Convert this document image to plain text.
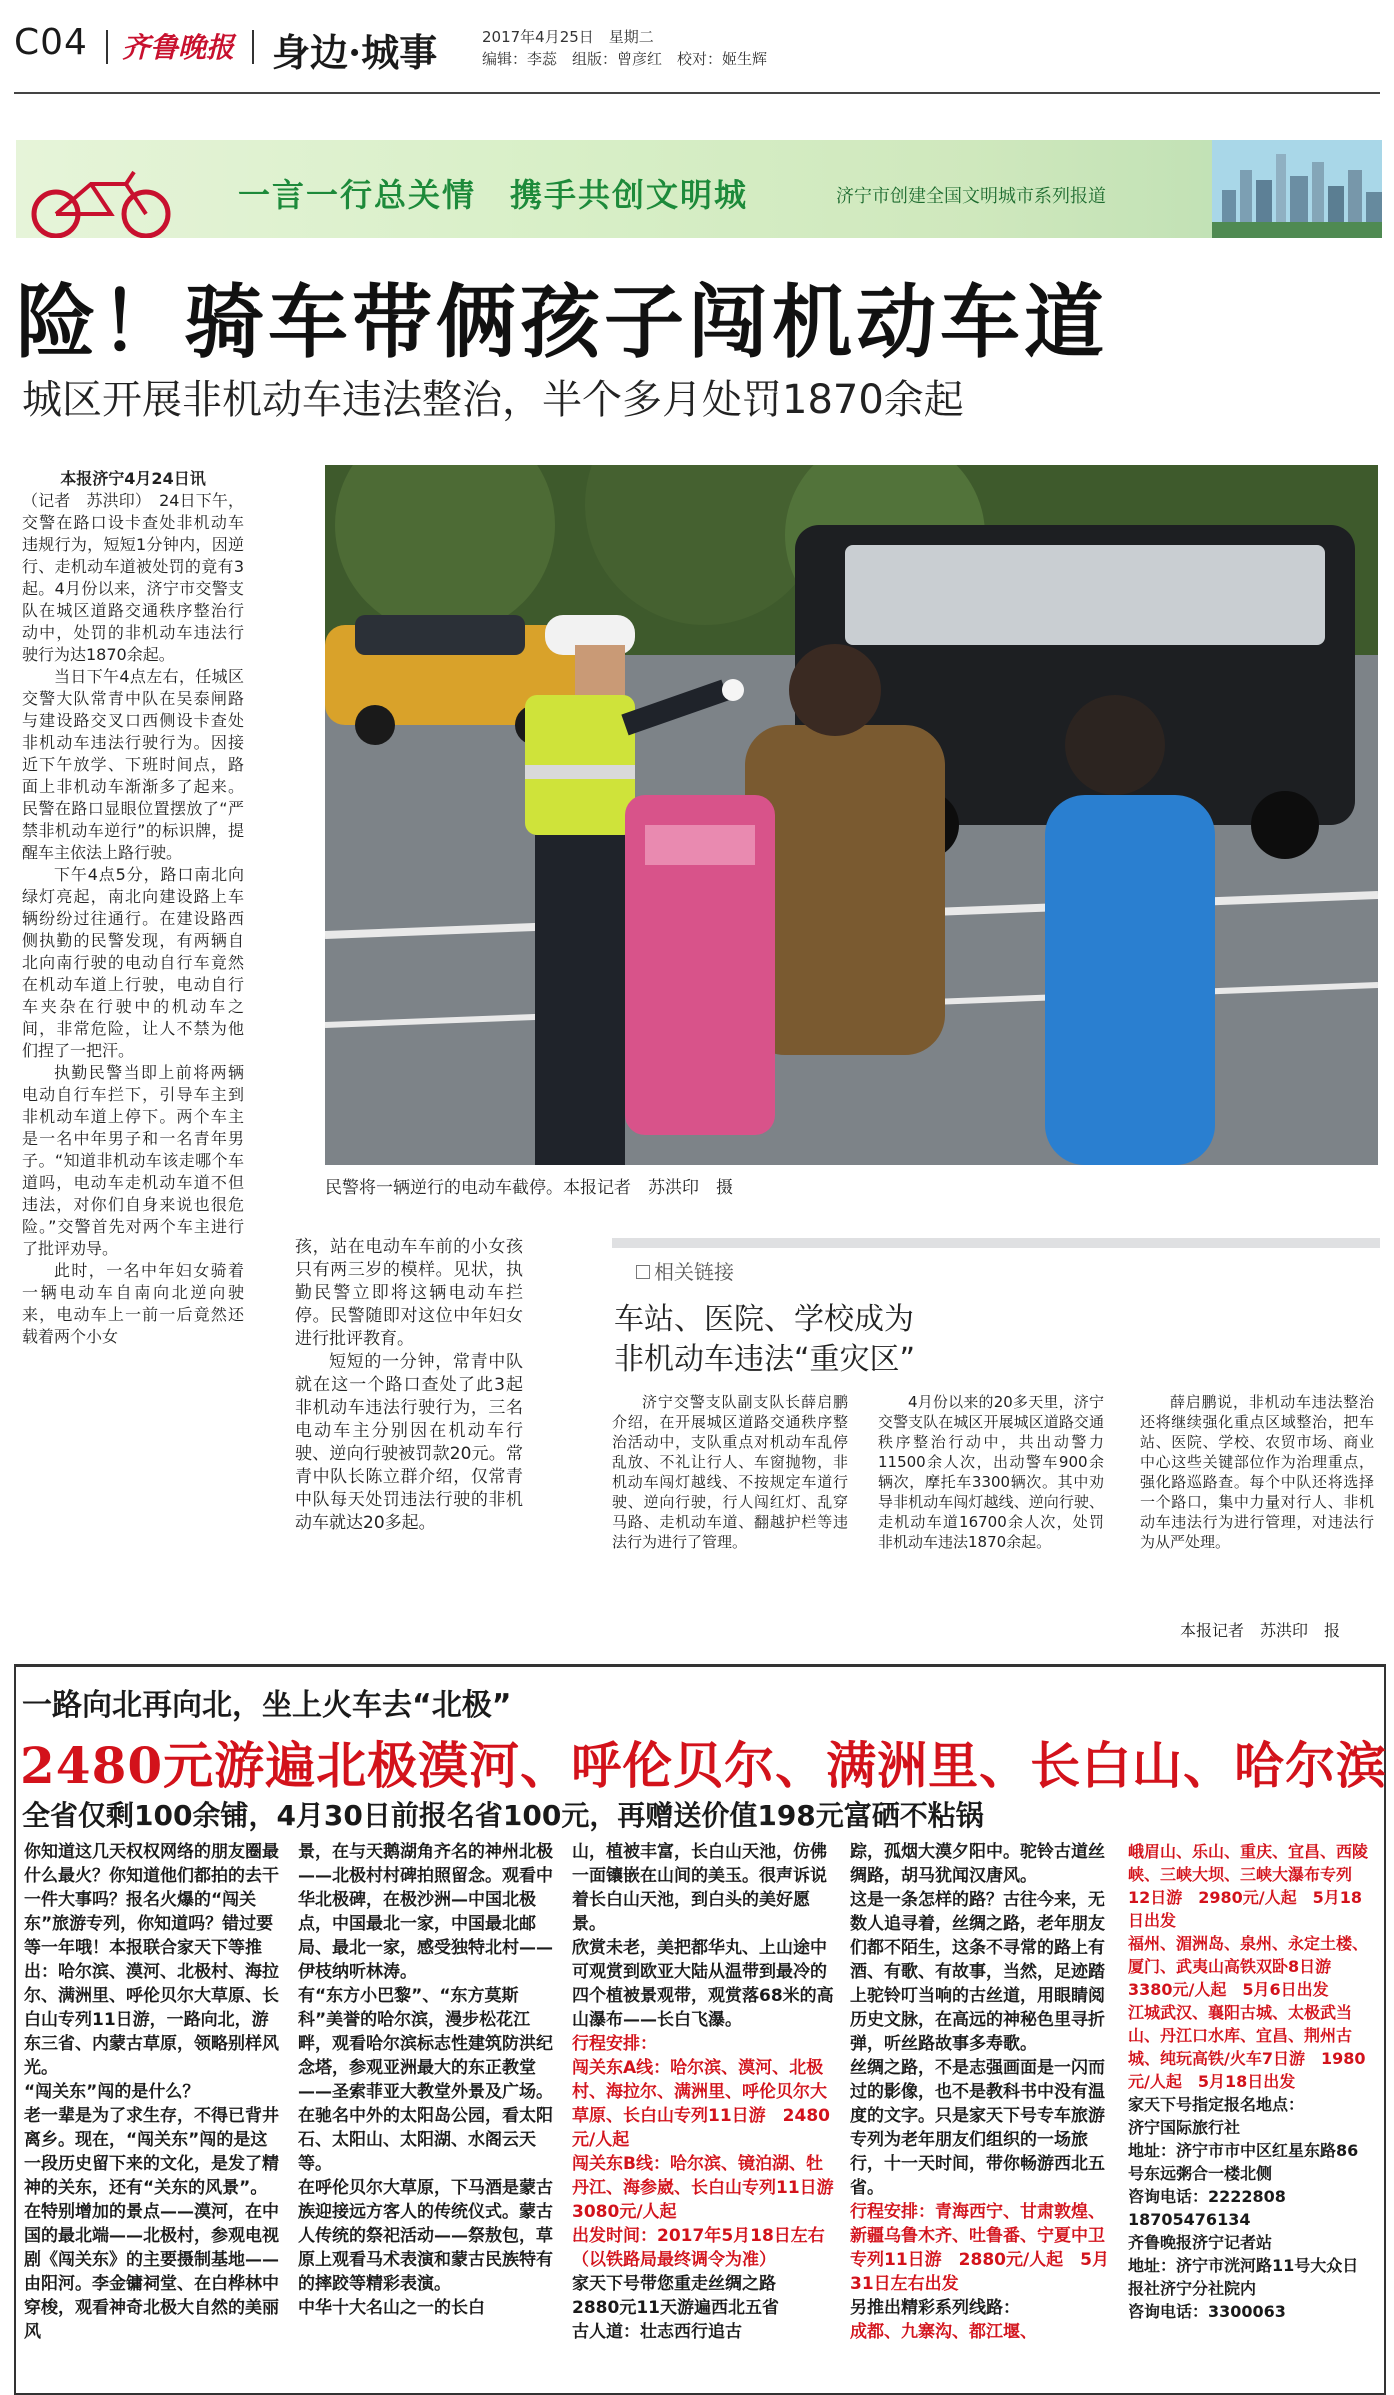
C04 齐鲁晚报 身边·城事	2017年4月25日　星期二
编辑：李蕊　组版：曾彦红　校对：姬生辉
一言一行总关情　携手共创文明城	济宁市创建全国文明城市系列报道
险！骑车带俩孩子闯机动车道
城区开展非机动车违法整治，半个多月处罚1870余起

本报济宁4月24日讯

（记者　苏洪印）　24日下午，交警在路口设卡查处非机动车违规行为，短短1分钟内，因逆行、走机动车道被处罚的竟有3起。4月份以来，济宁市交警支队在城区道路交通秩序整治行动中，处罚的非机动车违法行驶行为达1870余起。

当日下午4点左右，任城区交警大队常青中队在吴泰闸路与建设路交叉口西侧设卡查处非机动车违法行驶行为。因接近下午放学、下班时间点，路面上非机动车渐渐多了起来。民警在路口显眼位置摆放了“严禁非机动车逆行”的标识牌，提醒车主依法上路行驶。

下午4点5分，路口南北向绿灯亮起，南北向建设路上车辆纷纷过往通行。在建设路西侧执勤的民警发现，有两辆自北向南行驶的电动自行车竟然在机动车道上行驶，电动自行车夹杂在行驶中的机动车之间，非常危险，让人不禁为他们捏了一把汗。

执勤民警当即上前将两辆电动自行车拦下，引导车主到非机动车道上停下。两个车主是一名中年男子和一名青年男子。“知道非机动车该走哪个车道吗，电动车走机动车道不但违法，对你们自身来说也很危险。”交警首先对两个车主进行了批评劝导。

此时，一名中年妇女骑着一辆电动车自南向北逆向驶来，电动车上一前一后竟然还载着两个小女

民警将一辆逆行的电动车截停。本报记者　苏洪印　摄

孩，站在电动车车前的小女孩只有两三岁的模样。见状，执勤民警立即将这辆电动车拦停。民警随即对这位中年妇女进行批评教育。

短短的一分钟，常青中队就在这一个路口查处了此3起非机动车违法行驶行为，三名电动车主分别因在机动车行驶、逆向行驶被罚款20元。常青中队长陈立群介绍，仅常青中队每天处罚违法行驶的非机动车就达20多起。

相关链接
车站、医院、学校成为
非机动车违法“重灾区”
济宁交警支队副支队长薛启鹏介绍，在开展城区道路交通秩序整治活动中，支队重点对机动车乱停乱放、不礼让行人、车窗抛物，非机动车闯灯越线、不按规定车道行驶、逆向行驶，行人闯红灯、乱穿马路、走机动车道、翻越护栏等违法行为进行了管理。
4月份以来的20多天里，济宁交警支队在城区开展城区道路交通秩序整治行动中，共出动警力11500余人次，出动警车900余辆次，摩托车3300辆次。其中劝导非机动车闯灯越线、逆向行驶、走机动车道16700余人次，处罚非机动车违法1870余起。
薛启鹏说，非机动车违法整治还将继续强化重点区域整治，把车站、医院、学校、农贸市场、商业中心这些关键部位作为治理重点，强化路巡路查。每个中队还将选择一个路口，集中力量对行人、非机动车违法行为进行管理，对违法行为从严处理。
本报记者　苏洪印　报
一路向北再向北，坐上火车去“北极”
2480元游遍北极漠河、呼伦贝尔、满洲里、长白山、哈尔滨
全省仅剩100余铺，4月30日前报名省100元，再赠送价值198元富硒不粘锅

你知道这几天权权网络的朋友圈最什么最火？你知道他们都拍的去干一件大事吗？报名火爆的“闯关东”旅游专列，你知道吗？错过要等一年哦！本报联合家天下等推出：哈尔滨、漠河、北极村、海拉尔、满洲里、呼伦贝尔大草原、长白山专列11日游，一路向北，游东三省、内蒙古草原，领略别样风光。

“闯关东”闯的是什么？

老一辈是为了求生存，不得已背井离乡。现在，“闯关东”闯的是这一段历史留下来的文化，是发了精神的关东，还有“关东的风景”。

在特别增加的景点——漠河，在中国的最北端——北极村，参观电视剧《闯关东》的主要摄制基地——由阳河。李金镛祠堂、在白桦林中穿梭，观看神奇北极大自然的美丽风

景，在与天鹅湖角齐名的神州北极——北极村村碑拍照留念。观看中华北极碑，在极沙洲—中国北极点，中国最北一家，中国最北邮局、最北一家，感受独特北村——伊枝纳听林涛。

有“东方小巴黎”、“东方莫斯科”美誉的哈尔滨，漫步松花江畔，观看哈尔滨标志性建筑防洪纪念塔，参观亚洲最大的东正教堂——圣索菲亚大教堂外景及广场。在驰名中外的太阳岛公园，看太阳石、太阳山、太阳湖、水阁云天等。

在呼伦贝尔大草原，下马酒是蒙古族迎接远方客人的传统仪式。蒙古人传统的祭祀活动——祭敖包，草原上观看马术表演和蒙古民族特有的摔跤等精彩表演。

中华十大名山之一的长白

山，植被丰富，长白山天池，仿佛一面镶嵌在山间的美玉。很声诉说着长白山天池，到白头的美好愿景。

欣赏未老，美把都华丸、上山途中可观赏到欧亚大陆从温带到最冷的四个植被景观带，观赏落68米的高山瀑布——长白飞瀑。

行程安排：

闯关东A线：哈尔滨、漠河、北极村、海拉尔、满洲里、呼伦贝尔大草原、长白山专列11日游　2480元/人起

闯关东B线：哈尔滨、镜泊湖、牡丹江、海参崴、长白山专列11日游　3080元/人起

出发时间：2017年5月18日左右（以铁路局最终调令为准）

家天下号带您重走丝绸之路

2880元11天游遍西北五省

古人道：壮志西行追古

踪，孤烟大漠夕阳中。驼铃古道丝绸路，胡马犹闻汉唐风。

这是一条怎样的路？古往今来，无数人追寻着，丝绸之路，老年朋友们都不陌生，这条不寻常的路上有酒、有歌、有故事，当然，足迹踏上驼铃叮当响的古丝道，用眼睛阅历史文脉，在高远的神秘色里寻折弹，听丝路故事多寿歌。

丝绸之路，不是志强画面是一闪而过的影像，也不是教科书中没有温度的文字。只是家天下号专车旅游专列为老年朋友们组织的一场旅行，十一天时间，带你畅游西北五省。

行程安排：青海西宁、甘肃敦煌、新疆乌鲁木齐、吐鲁番、宁夏中卫专列11日游　2880元/人起　5月31日左右出发

另推出精彩系列线路：

成都、九寨沟、都江堰、

峨眉山、乐山、重庆、宜昌、西陵峡、三峡大坝、三峡大瀑布专列12日游　2980元/人起　5月18日出发

福州、湄洲岛、泉州、永定土楼、厦门、武夷山高铁双卧8日游　3380元/人起　5月6日出发

江城武汉、襄阳古城、太极武当山、丹江口水库、宜昌、荆州古城、纯玩高铁/火车7日游　1980元/人起　5月18日出发

家天下号指定报名地点：

济宁国际旅行社

地址：济宁市市中区红星东路86号东远粥合一楼北侧

咨询电话：2222808　18705476134

齐鲁晚报济宁记者站

地址：济宁市洸河路11号大众日报社济宁分社院内

咨询电话：3300063
